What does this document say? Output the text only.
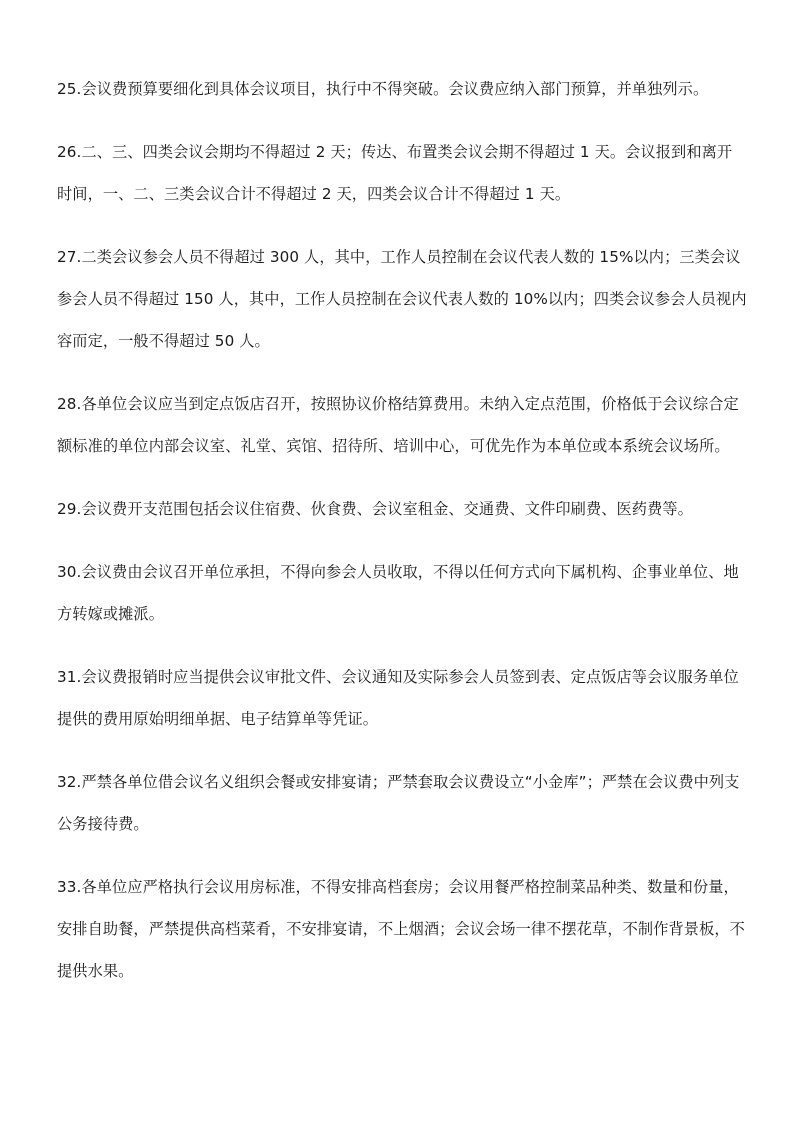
25.会议费预算要细化到具体会议项目，执行中不得突破。会议费应纳入部门预算，并单独列示。

26.二、三、四类会议会期均不得超过 2 天；传达、布置类会议会期不得超过 1 天。会议报到和离开时间，一、二、三类会议合计不得超过 2 天，四类会议合计不得超过 1 天。

27.二类会议参会人员不得超过 300 人，其中，工作人员控制在会议代表人数的 15%以内；三类会议参会人员不得超过 150 人，其中，工作人员控制在会议代表人数的 10%以内；四类会议参会人员视内容而定，一般不得超过 50 人。

28.各单位会议应当到定点饭店召开，按照协议价格结算费用。未纳入定点范围，价格低于会议综合定额标准的单位内部会议室、礼堂、宾馆、招待所、培训中心，可优先作为本单位或本系统会议场所。

29.会议费开支范围包括会议住宿费、伙食费、会议室租金、交通费、文件印刷费、医药费等。

30.会议费由会议召开单位承担，不得向参会人员收取，不得以任何方式向下属机构、企事业单位、地方转嫁或摊派。

31.会议费报销时应当提供会议审批文件、会议通知及实际参会人员签到表、定点饭店等会议服务单位提供的费用原始明细单据、电子结算单等凭证。

32.严禁各单位借会议名义组织会餐或安排宴请；严禁套取会议费设立“小金库”；严禁在会议费中列支公务接待费。

33.各单位应严格执行会议用房标准，不得安排高档套房；会议用餐严格控制菜品种类、数量和份量，安排自助餐，严禁提供高档菜肴，不安排宴请，不上烟酒；会议会场一律不摆花草，不制作背景板，不提供水果。
